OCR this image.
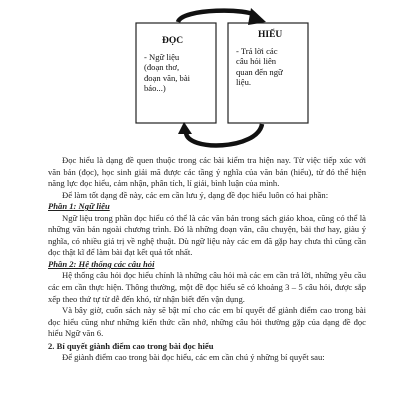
ĐỌC
- Ngữ liệu
(đoạn thơ,
đoạn văn, bài
báo...)
HIỂU
- Trả lời các
câu hỏi liên
quan đến ngữ
liệu.

Đọc hiểu là dạng đề quen thuộc trong các bài kiểm tra hiện nay. Từ việc tiếp xúc với văn bản (đọc), học sinh giải mã được các tầng ý nghĩa của văn bản (hiểu), từ đó thể hiện năng lực đọc hiểu, cảm nhận, phân tích, lí giải, bình luận của mình.

Để làm tốt dạng đề này, các em cần lưu ý, dạng đề đọc hiểu luôn có hai phần:

Phần 1: Ngữ liệu

Ngữ liệu trong phần đọc hiểu có thể là các văn bản trong sách giáo khoa, cũng có thể là những văn bản ngoài chương trình. Đó là những đoạn văn, câu chuyện, bài thơ hay, giàu ý nghĩa, có nhiều giá trị về nghệ thuật. Dù ngữ liệu này các em đã gặp hay chưa thì cũng cần đọc thật kĩ để làm bài đạt kết quả tốt nhất.

Phần 2: Hệ thống các câu hỏi

Hệ thống câu hỏi đọc hiểu chính là những câu hỏi mà các em cần trả lời, những yêu cầu các em cần thực hiện. Thông thường, một đề đọc hiểu sẽ có khoảng 3 – 5 câu hỏi, được sắp xếp theo thứ tự từ dễ đến khó, từ nhận biết đến vận dụng.

Và bây giờ, cuốn sách này sẽ bật mí cho các em bí quyết để giành điểm cao trong bài đọc hiểu cũng như những kiến thức cần nhớ, những câu hỏi thường gặp của dạng đề đọc hiểu Ngữ văn 6.

2. Bí quyết giành điểm cao trong bài đọc hiểu

Để giành điểm cao trong bài đọc hiểu, các em cần chú ý những bí quyết sau:
